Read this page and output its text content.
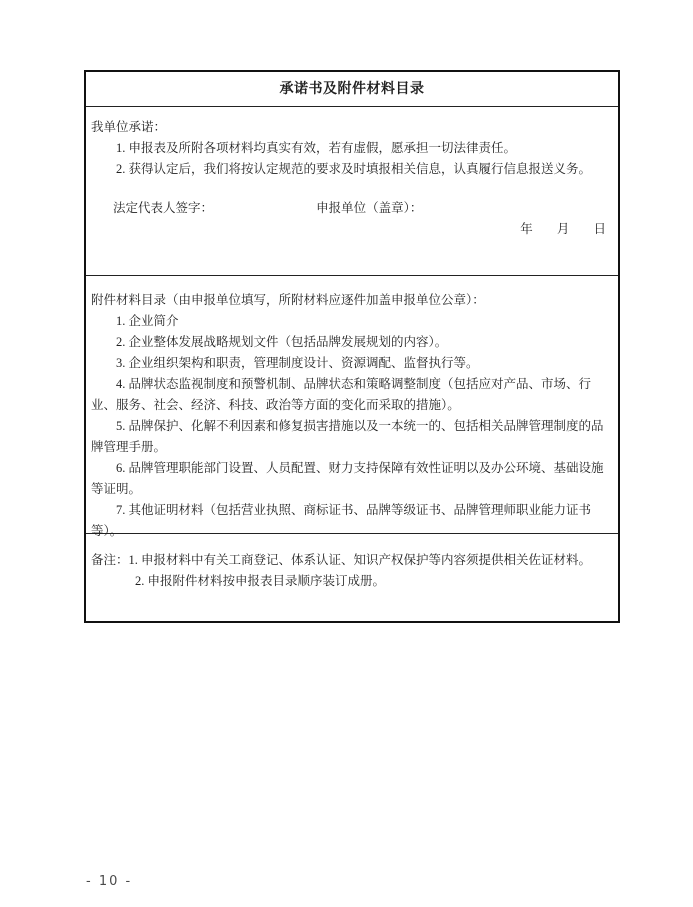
承诺书及附件材料目录

我单位承诺：

1. 申报表及所附各项材料均真实有效，若有虚假，愿承担一切法律责任。

2. 获得认定后，我们将按认定规范的要求及时填报相关信息，认真履行信息报送义务。

法定代表人签字：	申报单位（盖章）：

年 月 日

附件材料目录（由申报单位填写，所附材料应逐件加盖申报单位公章）：

1. 企业简介

2. 企业整体发展战略规划文件（包括品牌发展规划的内容）。

3. 企业组织架构和职责，管理制度设计、资源调配、监督执行等。

4. 品牌状态监视制度和预警机制、品牌状态和策略调整制度（包括应对产品、市场、行业、服务、社会、经济、科技、政治等方面的变化而采取的措施）。

5. 品牌保护、化解不利因素和修复损害措施以及一本统一的、包括相关品牌管理制度的品牌管理手册。

6. 品牌管理职能部门设置、人员配置、财力支持保障有效性证明以及办公环境、基础设施等证明。

7. 其他证明材料（包括营业执照、商标证书、品牌等级证书、品牌管理师职业能力证书等）。

备注：1. 申报材料中有关工商登记、体系认证、知识产权保护等内容须提供相关佐证材料。

2. 申报附件材料按申报表目录顺序装订成册。

- 10 -
